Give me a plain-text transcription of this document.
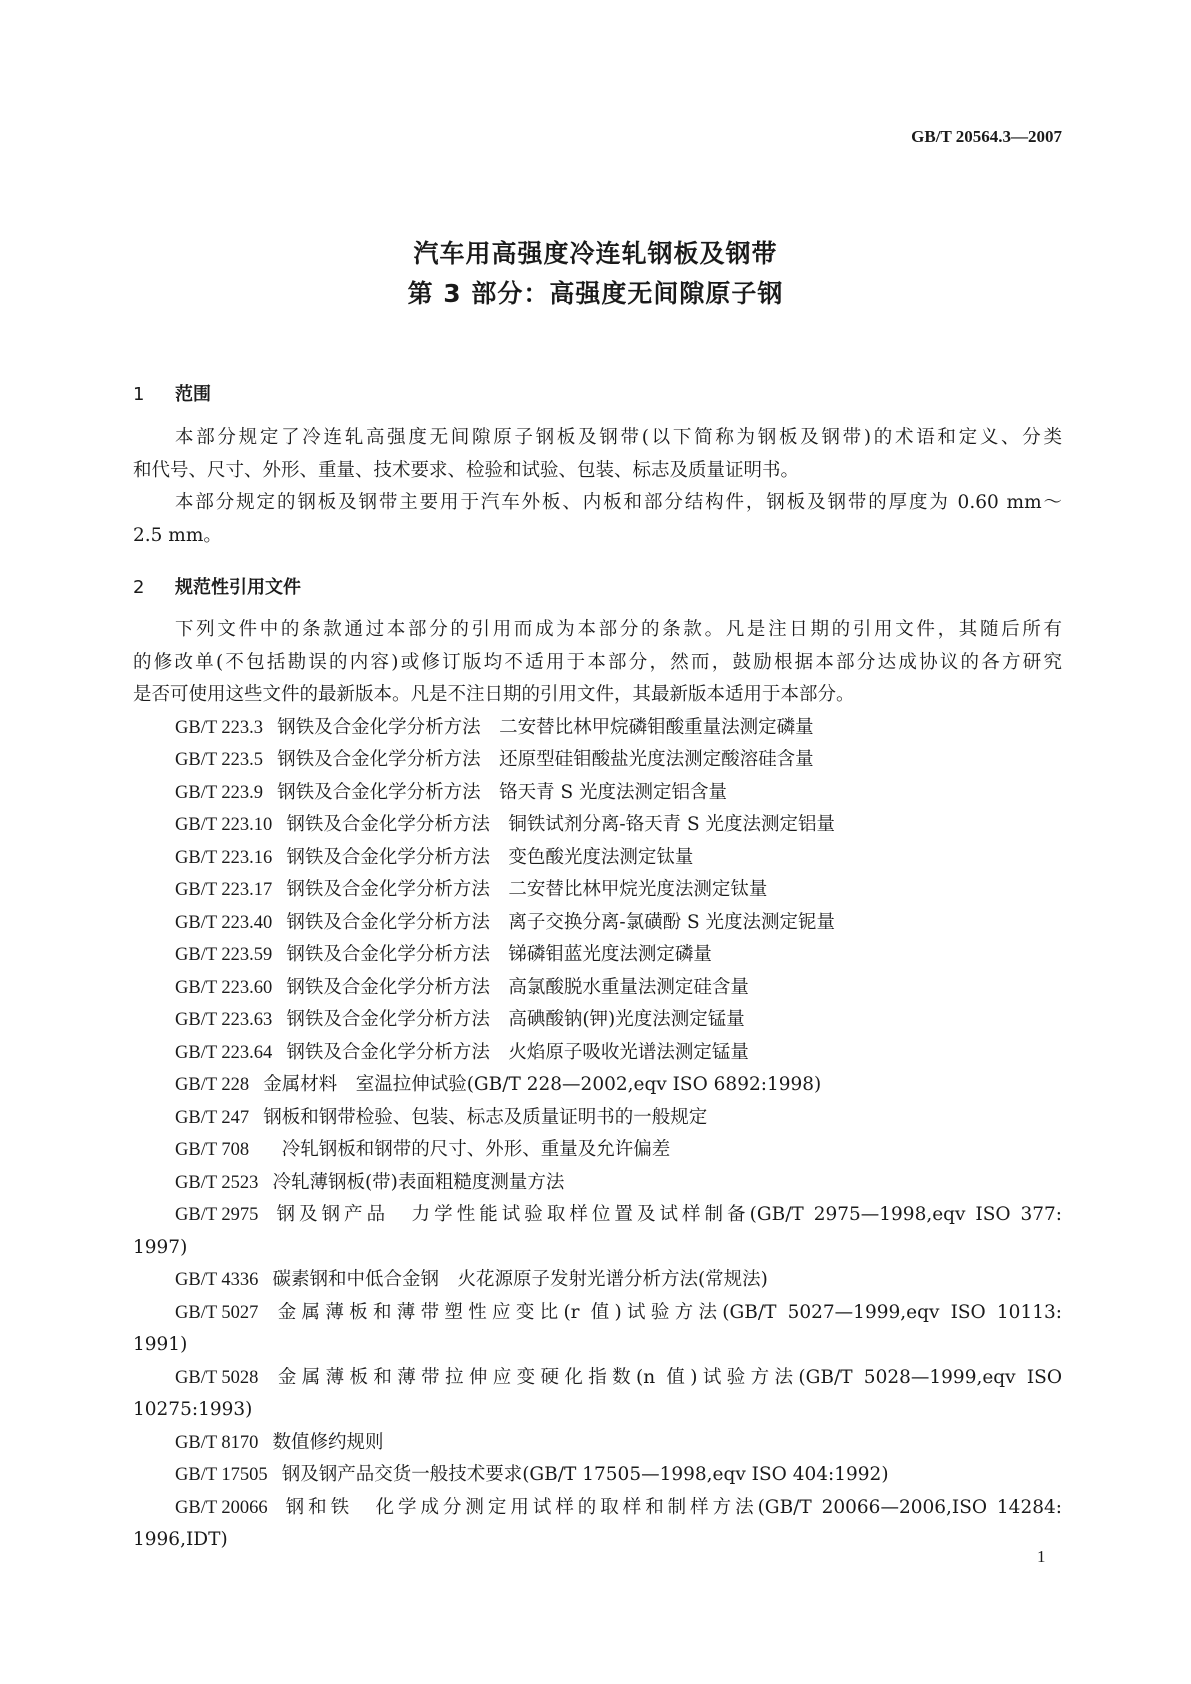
GB/T 20564.3—2007
汽车用高强度冷连轧钢板及钢带
第 3 部分：高强度无间隙原子钢
1 范围
本部分规定了冷连轧高强度无间隙原子钢板及钢带(以下简称为钢板及钢带)的术语和定义、分类
和代号、尺寸、外形、重量、技术要求、检验和试验、包装、标志及质量证明书。
本部分规定的钢板及钢带主要用于汽车外板、内板和部分结构件，钢板及钢带的厚度为 0.60 mm～
2.5 mm。
2 规范性引用文件
下列文件中的条款通过本部分的引用而成为本部分的条款。凡是注日期的引用文件，其随后所有
的修改单(不包括勘误的内容)或修订版均不适用于本部分，然而，鼓励根据本部分达成协议的各方研究
是否可使用这些文件的最新版本。凡是不注日期的引用文件，其最新版本适用于本部分。
GB/T 223.3 钢铁及合金化学分析方法　二安替比林甲烷磷钼酸重量法测定磷量
GB/T 223.5 钢铁及合金化学分析方法　还原型硅钼酸盐光度法测定酸溶硅含量
GB/T 223.9 钢铁及合金化学分析方法　铬天青 S 光度法测定铝含量
GB/T 223.10 钢铁及合金化学分析方法　铜铁试剂分离-铬天青 S 光度法测定铝量
GB/T 223.16 钢铁及合金化学分析方法　变色酸光度法测定钛量
GB/T 223.17 钢铁及合金化学分析方法　二安替比林甲烷光度法测定钛量
GB/T 223.40 钢铁及合金化学分析方法　离子交换分离-氯磺酚 S 光度法测定铌量
GB/T 223.59 钢铁及合金化学分析方法　锑磷钼蓝光度法测定磷量
GB/T 223.60 钢铁及合金化学分析方法　高氯酸脱水重量法测定硅含量
GB/T 223.63 钢铁及合金化学分析方法　高碘酸钠(钾)光度法测定锰量
GB/T 223.64 钢铁及合金化学分析方法　火焰原子吸收光谱法测定锰量
GB/T 228 金属材料　室温拉伸试验(GB/T 228—2002,eqv ISO 6892:1998)
GB/T 247 钢板和钢带检验、包装、标志及质量证明书的一般规定
GB/T 708　冷轧钢板和钢带的尺寸、外形、重量及允许偏差
GB/T 2523 冷轧薄钢板(带)表面粗糙度测量方法
GB/T 2975 钢及钢产品　力学性能试验取样位置及试样制备(GB/T 2975—1998,eqv ISO 377:
1997)
GB/T 4336 碳素钢和中低合金钢　火花源原子发射光谱分析方法(常规法)
GB/T 5027 金属薄板和薄带塑性应变比(r 值)试验方法(GB/T 5027—1999,eqv ISO 10113:
1991)
GB/T 5028 金属薄板和薄带拉伸应变硬化指数(n 值)试验方法(GB/T 5028—1999,eqv ISO
10275:1993)
GB/T 8170 数值修约规则
GB/T 17505 钢及钢产品交货一般技术要求(GB/T 17505—1998,eqv ISO 404:1992)
GB/T 20066 钢和铁　化学成分测定用试样的取样和制样方法(GB/T 20066—2006,ISO 14284:
1996,IDT)
1
